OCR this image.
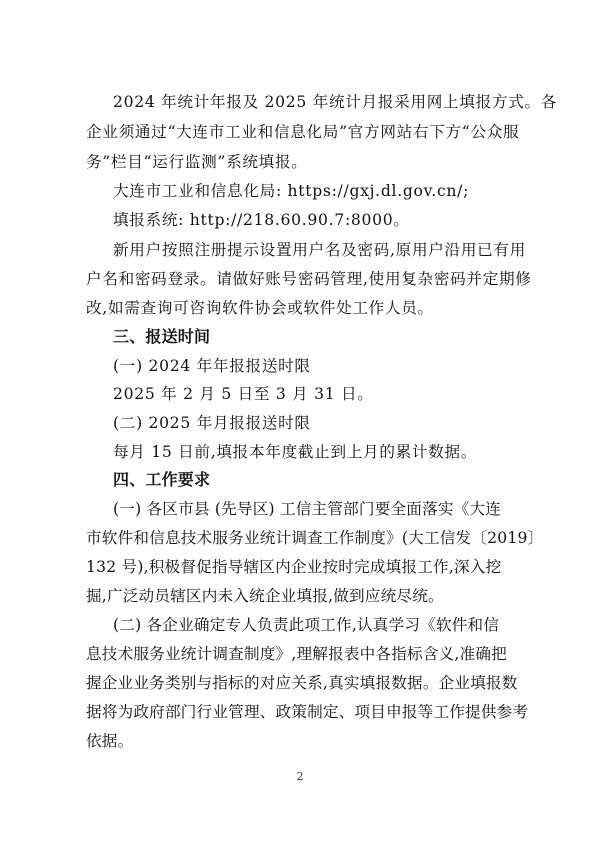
2024 年统计年报及 2025 年统计月报采用网上填报方式。各
企业须通过“大连市工业和信息化局”官方网站右下方“公众服
务”栏目“运行监测”系统填报。
大连市工业和信息化局: https://gxj.dl.gov.cn/;
填报系统: http://218.60.90.7:8000。
新用户按照注册提示设置用户名及密码,原用户沿用已有用
户名和密码登录。请做好账号密码管理,使用复杂密码并定期修
改,如需查询可咨询软件协会或软件处工作人员。
三、报送时间
(一) 2024 年年报报送时限
2025 年 2 月 5 日至 3 月 31 日。
(二) 2025 年月报报送时限
每月 15 日前,填报本年度截止到上月的累计数据。
四、工作要求
(一) 各区市县 (先导区) 工信主管部门要全面落实《大连
市软件和信息技术服务业统计调查工作制度》(大工信发〔2019〕
132 号),积极督促指导辖区内企业按时完成填报工作,深入挖
掘,广泛动员辖区内未入统企业填报,做到应统尽统。
(二) 各企业确定专人负责此项工作,认真学习《软件和信
息技术服务业统计调查制度》,理解报表中各指标含义,准确把
握企业业务类别与指标的对应关系,真实填报数据。企业填报数
据将为政府部门行业管理、政策制定、项目申报等工作提供参考
依据。
2
